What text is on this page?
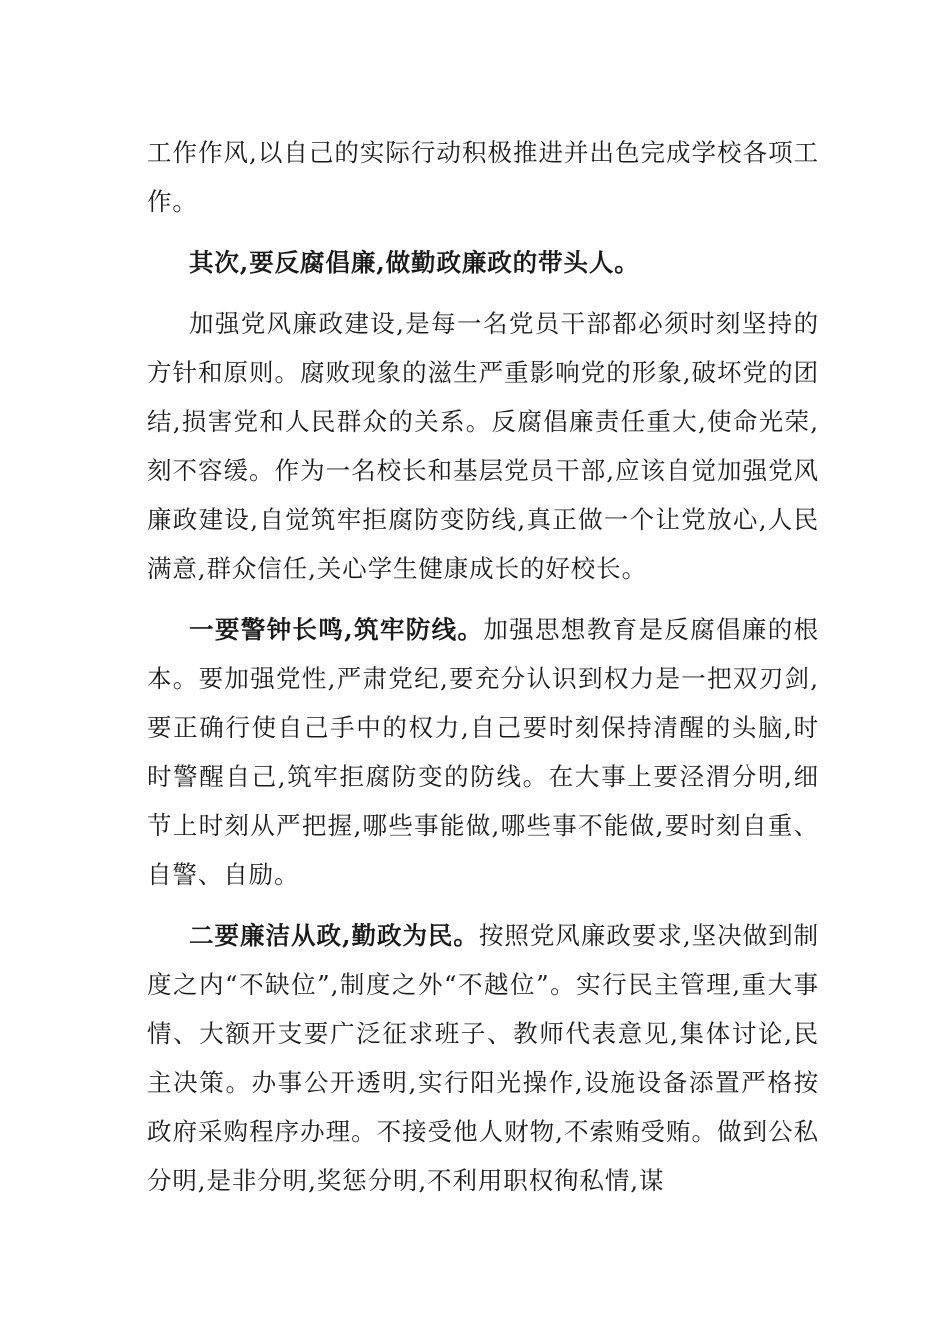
工作作风,以自己的实际行动积极推进并出色完成学校各项工作。

其次,要反腐倡廉,做勤政廉政的带头人。

加强党风廉政建设,是每一名党员干部都必须时刻坚持的方针和原则。腐败现象的滋生严重影响党的形象,破坏党的团结,损害党和人民群众的关系。反腐倡廉责任重大,使命光荣,刻不容缓。作为一名校长和基层党员干部,应该自觉加强党风廉政建设,自觉筑牢拒腐防变防线,真正做一个让党放心,人民满意,群众信任,关心学生健康成长的好校长。

一要警钟长鸣,筑牢防线。加强思想教育是反腐倡廉的根本。要加强党性,严肃党纪,要充分认识到权力是一把双刃剑,要正确行使自己手中的权力,自己要时刻保持清醒的头脑,时时警醒自己,筑牢拒腐防变的防线。在大事上要泾渭分明,细节上时刻从严把握,哪些事能做,哪些事不能做,要时刻自重、自警、自励。

二要廉洁从政,勤政为民。按照党风廉政要求,坚决做到制度之内“不缺位”,制度之外“不越位”。实行民主管理,重大事情、大额开支要广泛征求班子、教师代表意见,集体讨论,民主决策。办事公开透明,实行阳光操作,设施设备添置严格按政府采购程序办理。不接受他人财物,不索贿受贿。做到公私分明,是非分明,奖惩分明,不利用职权徇私情,谋
